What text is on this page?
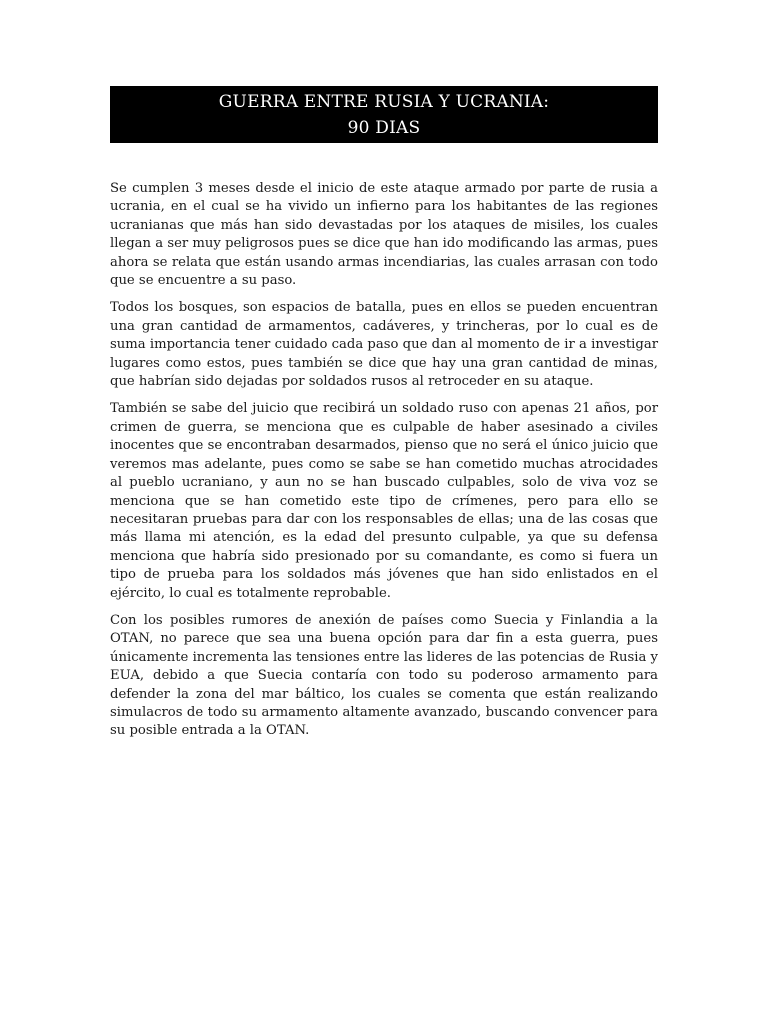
GUERRA ENTRE RUSIA Y UCRANIA:
90 DIAS

Se cumplen 3 meses desde el inicio de este ataque armado por parte de rusia a ucrania, en el cual se ha vivido un infierno para los habitantes de las regiones ucranianas que más han sido devastadas por los ataques de misiles, los cuales llegan a ser muy peligrosos pues se dice que han ido modificando las armas, pues ahora se relata que están usando armas incendiarias, las cuales arrasan con todo que se encuentre a su paso.

Todos los bosques, son espacios de batalla, pues en ellos se pueden encuentran una gran cantidad de armamentos, cadáveres, y trincheras, por lo cual es de suma importancia tener cuidado cada paso que dan al momento de ir a investigar lugares como estos, pues también se dice que hay una gran cantidad de minas, que habrían sido dejadas por soldados rusos al retroceder en su ataque.

También se sabe del juicio que recibirá un soldado ruso con apenas 21 años, por crimen de guerra, se menciona que es culpable de haber asesinado a civiles inocentes que se encontraban desarmados, pienso que no será el único juicio que veremos mas adelante, pues como se sabe se han cometido muchas atrocidades al pueblo ucraniano, y aun no se han buscado culpables, solo de viva voz se menciona que se han cometido este tipo de crímenes, pero para ello se necesitaran pruebas para dar con los responsables de ellas; una de las cosas que más llama mi atención, es la edad del presunto culpable, ya que su defensa menciona que habría sido presionado por su comandante, es como si fuera un tipo de prueba para los soldados más jóvenes que han sido enlistados en el ejército, lo cual es totalmente reprobable.

Con los posibles rumores de anexión de países como Suecia y Finlandia a la OTAN, no parece que sea una buena opción para dar fin a esta guerra, pues únicamente incrementa las tensiones entre las lideres de las potencias de Rusia y EUA, debido a que Suecia contaría con todo su poderoso armamento para defender la zona del mar báltico, los cuales se comenta que están realizando simulacros de todo su armamento altamente avanzado, buscando convencer para su posible entrada a la OTAN.
